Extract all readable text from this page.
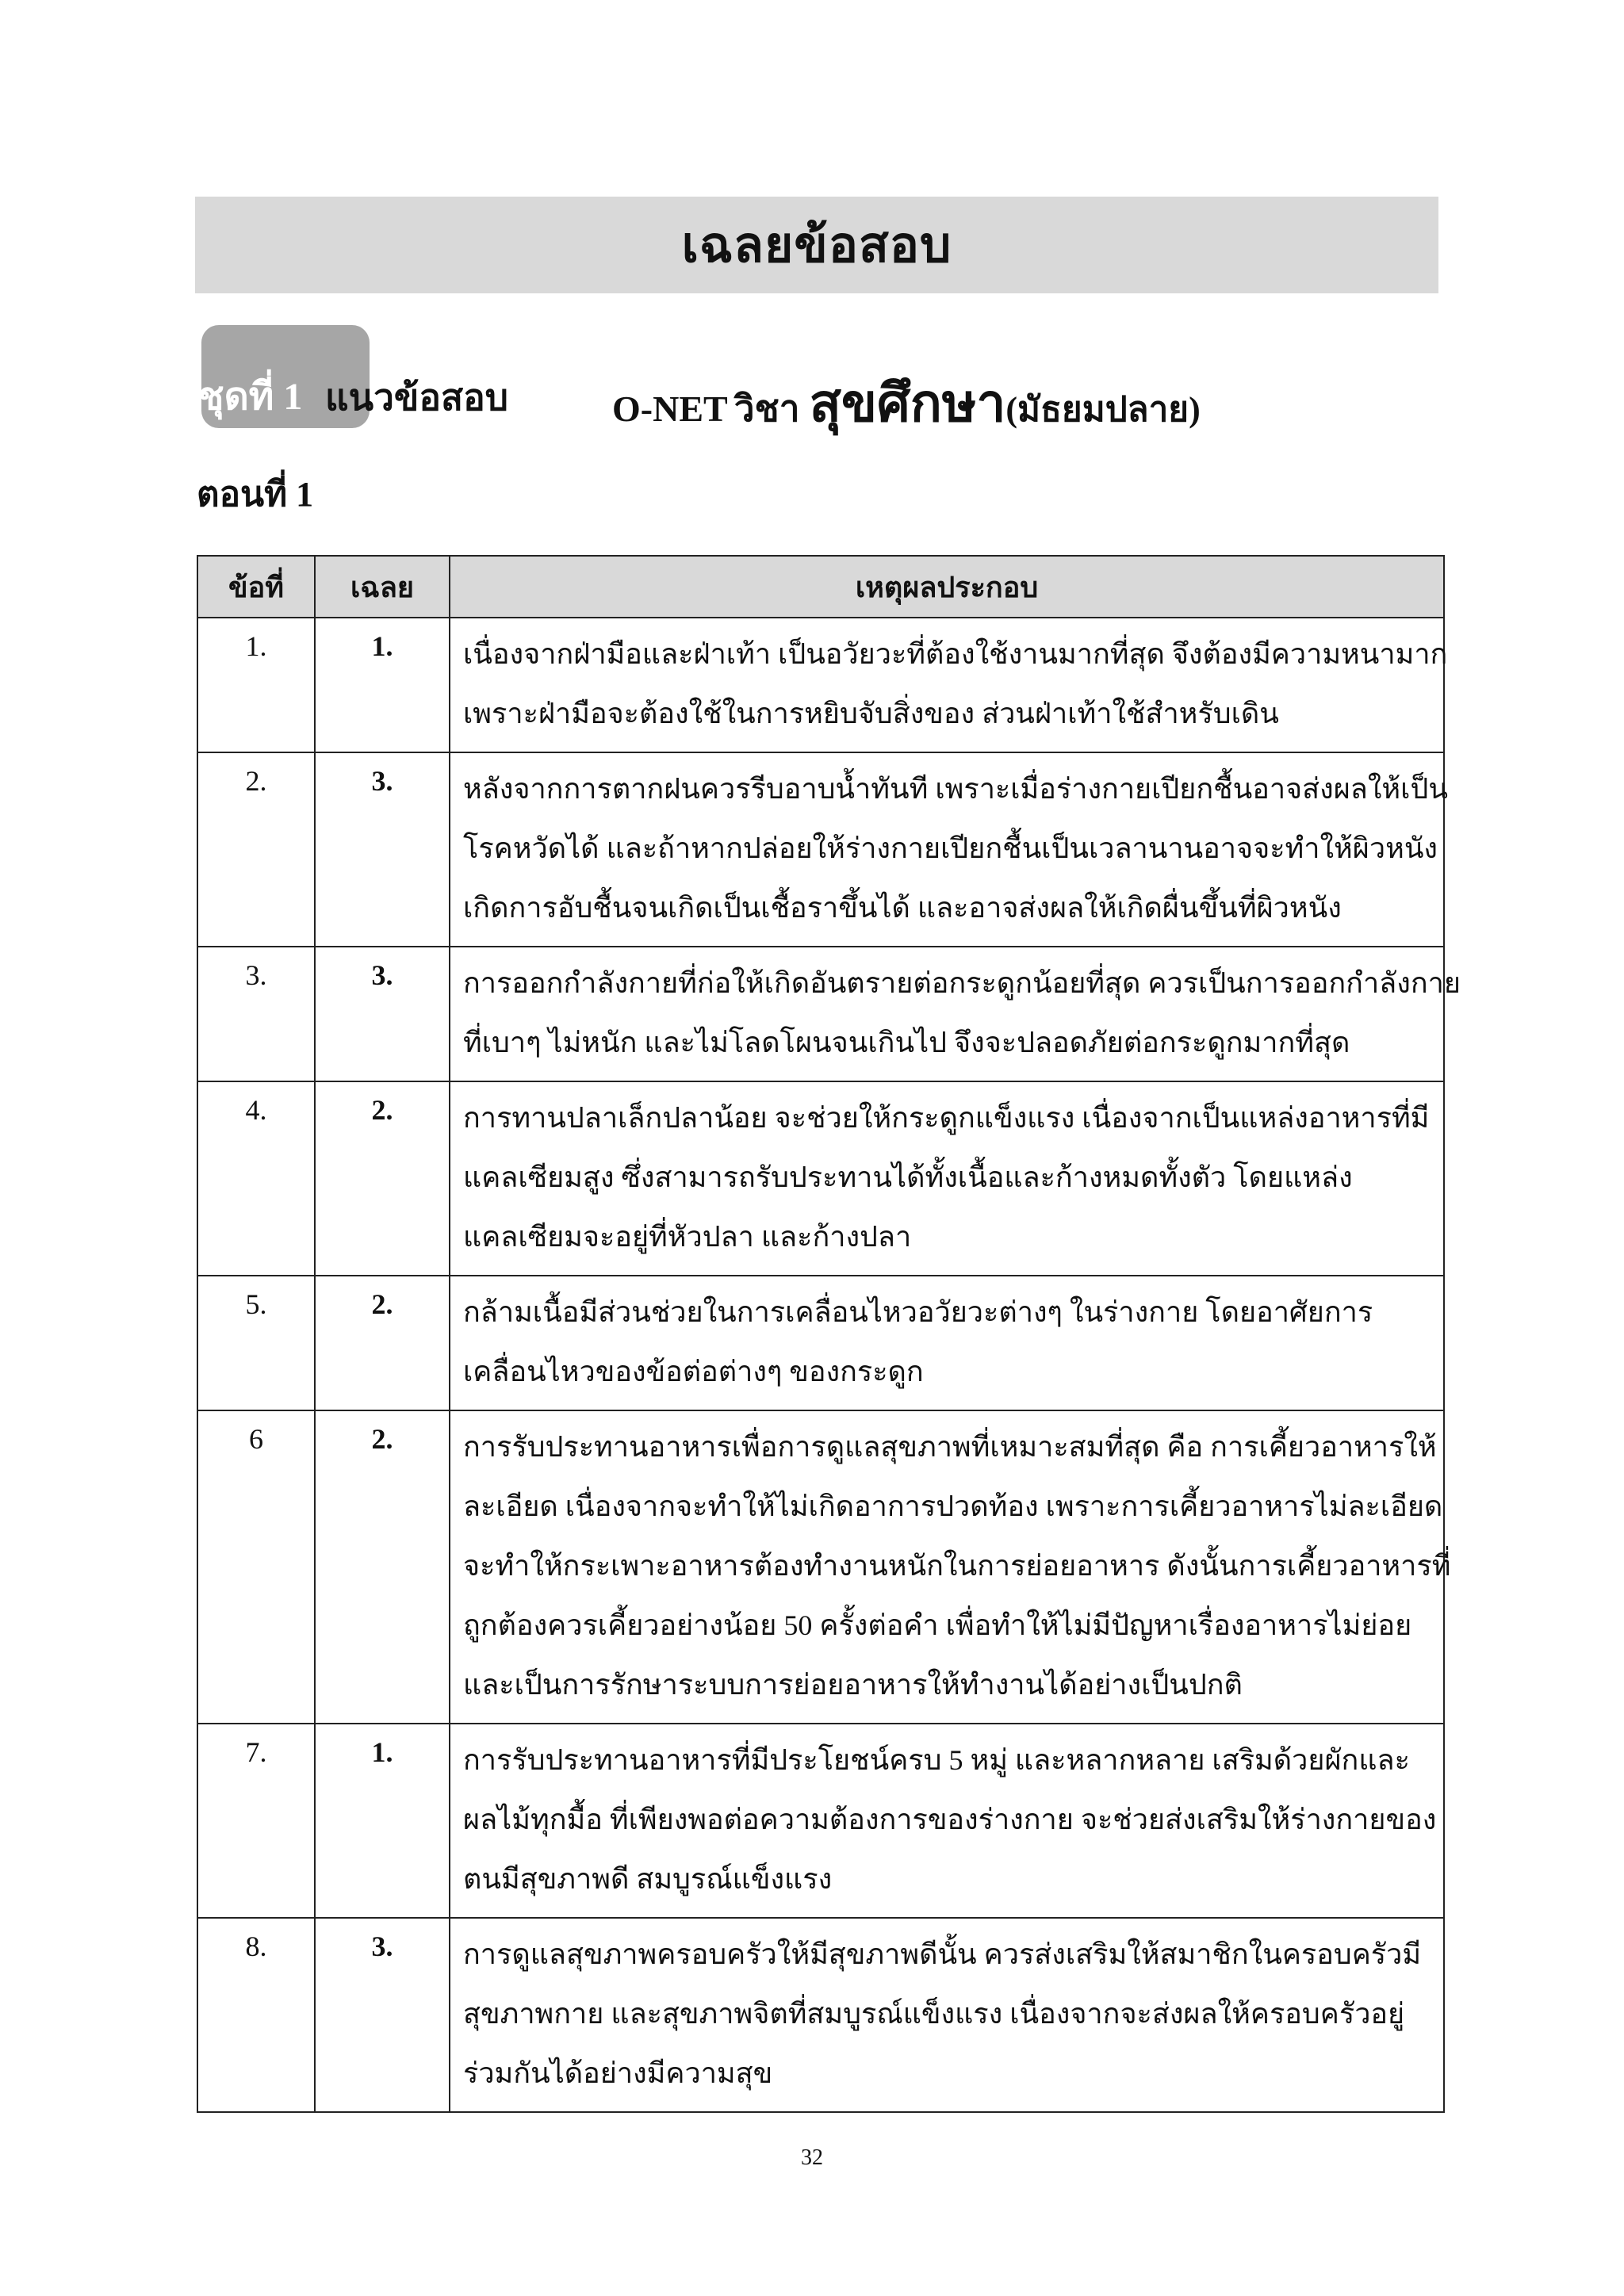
เฉลยข้อสอบ
ชุดที่ 1 แนวข้อสอบ	O-NET วิชา สุขศึกษา(มัธยมปลาย)
ตอนที่ 1
ข้อที่	เฉลย	เหตุผลประกอบ
1.	1.	เนื่องจากฝ่ามือและฝ่าเท้า เป็นอวัยวะที่ต้องใช้งานมากที่สุด จึงต้องมีความหนามาก
เพราะฝ่ามือจะต้องใช้ในการหยิบจับสิ่งของ ส่วนฝ่าเท้าใช้สำหรับเดิน

2.	3.	หลังจากการตากฝนควรรีบอาบน้ำทันที เพราะเมื่อร่างกายเปียกชื้นอาจส่งผลให้เป็น
โรคหวัดได้ และถ้าหากปล่อยให้ร่างกายเปียกชื้นเป็นเวลานานอาจจะทำให้ผิวหนัง
เกิดการอับชื้นจนเกิดเป็นเชื้อราขึ้นได้ และอาจส่งผลให้เกิดผื่นขึ้นที่ผิวหนัง

3.	3.	การออกกำลังกายที่ก่อให้เกิดอันตรายต่อกระดูกน้อยที่สุด ควรเป็นการออกกำลังกาย
ที่เบาๆ ไม่หนัก และไม่โลดโผนจนเกินไป จึงจะปลอดภัยต่อกระดูกมากที่สุด

4.	2.	การทานปลาเล็กปลาน้อย จะช่วยให้กระดูกแข็งแรง เนื่องจากเป็นแหล่งอาหารที่มี
แคลเซียมสูง ซึ่งสามารถรับประทานได้ทั้งเนื้อและก้างหมดทั้งตัว โดยแหล่ง
แคลเซียมจะอยู่ที่หัวปลา และก้างปลา

5.	2.	กล้ามเนื้อมีส่วนช่วยในการเคลื่อนไหวอวัยวะต่างๆ ในร่างกาย โดยอาศัยการ
เคลื่อนไหวของข้อต่อต่างๆ ของกระดูก

6	2.	การรับประทานอาหารเพื่อการดูแลสุขภาพที่เหมาะสมที่สุด คือ การเคี้ยวอาหารให้
ละเอียด เนื่องจากจะทำให้ไม่เกิดอาการปวดท้อง เพราะการเคี้ยวอาหารไม่ละเอียด
จะทำให้กระเพาะอาหารต้องทำงานหนักในการย่อยอาหาร ดังนั้นการเคี้ยวอาหารที่
ถูกต้องควรเคี้ยวอย่างน้อย 50 ครั้งต่อคำ เพื่อทำให้ไม่มีปัญหาเรื่องอาหารไม่ย่อย
และเป็นการรักษาระบบการย่อยอาหารให้ทำงานได้อย่างเป็นปกติ

7.	1.	การรับประทานอาหารที่มีประโยชน์ครบ 5 หมู่ และหลากหลาย เสริมด้วยผักและ
ผลไม้ทุกมื้อ ที่เพียงพอต่อความต้องการของร่างกาย จะช่วยส่งเสริมให้ร่างกายของ
ตนมีสุขภาพดี สมบูรณ์แข็งแรง

8.	3.	การดูแลสุขภาพครอบครัวให้มีสุขภาพดีนั้น ควรส่งเสริมให้สมาชิกในครอบครัวมี
สุขภาพกาย และสุขภาพจิตที่สมบูรณ์แข็งแรง เนื่องจากจะส่งผลให้ครอบครัวอยู่
ร่วมกันได้อย่างมีความสุข
32
